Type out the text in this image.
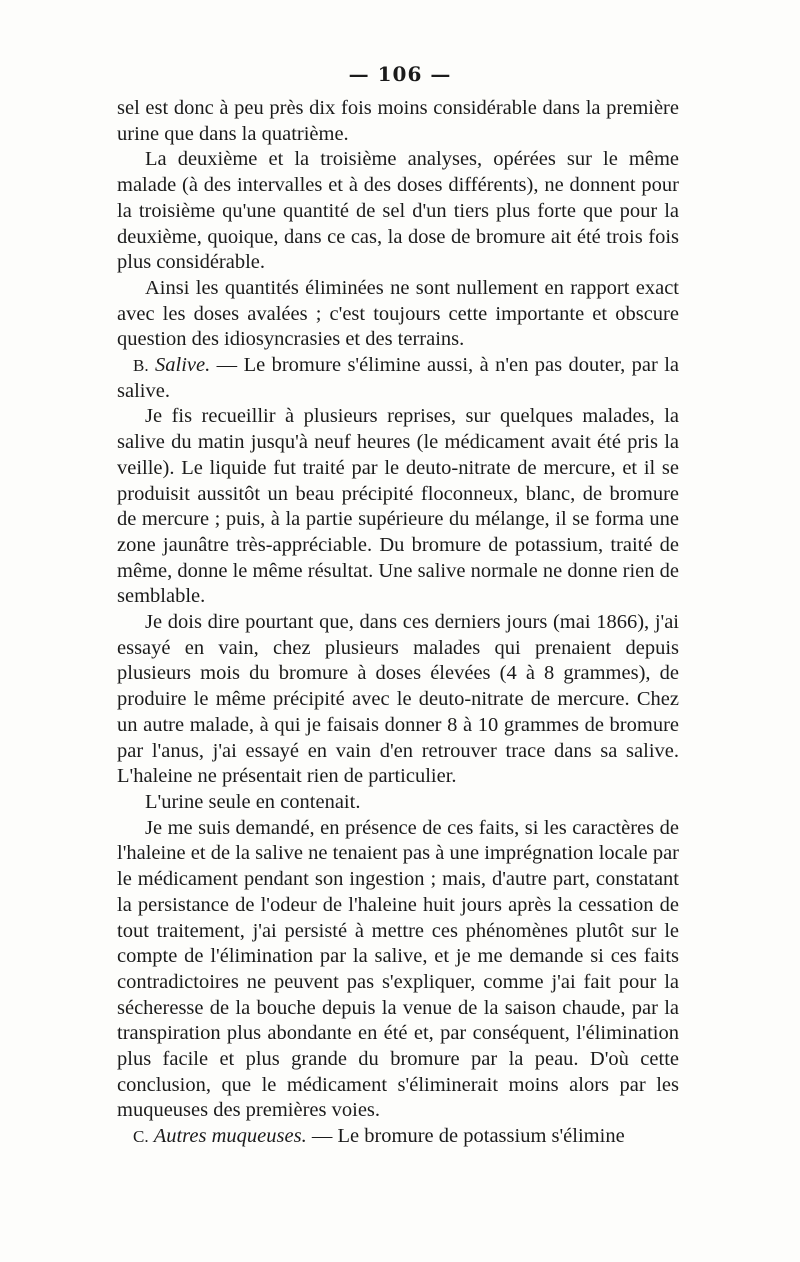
— 106 —

sel est donc à peu près dix fois moins considérable dans la première urine que dans la quatrième.

La deuxième et la troisième analyses, opérées sur le même malade (à des intervalles et à des doses différents), ne donnent pour la troisième qu'une quantité de sel d'un tiers plus forte que pour la deuxième, quoique, dans ce cas, la dose de bromure ait été trois fois plus considérable.

Ainsi les quantités éliminées ne sont nullement en rapport exact avec les doses avalées ; c'est toujours cette importante et obscure question des idiosyncrasies et des terrains.

B. Salive. — Le bromure s'élimine aussi, à n'en pas douter, par la salive.

Je fis recueillir à plusieurs reprises, sur quelques malades, la salive du matin jusqu'à neuf heures (le médicament avait été pris la veille). Le liquide fut traité par le deuto-nitrate de mercure, et il se produisit aussitôt un beau précipité floconneux, blanc, de bromure de mercure ; puis, à la partie supérieure du mélange, il se forma une zone jaunâtre très-appréciable. Du bromure de potassium, traité de même, donne le même résultat. Une salive normale ne donne rien de semblable.

Je dois dire pourtant que, dans ces derniers jours (mai 1866), j'ai essayé en vain, chez plusieurs malades qui prenaient depuis plusieurs mois du bromure à doses élevées (4 à 8 grammes), de produire le même précipité avec le deuto-nitrate de mercure. Chez un autre malade, à qui je faisais donner 8 à 10 grammes de bromure par l'anus, j'ai essayé en vain d'en retrouver trace dans sa salive. L'haleine ne présentait rien de particulier.

L'urine seule en contenait.

Je me suis demandé, en présence de ces faits, si les caractères de l'haleine et de la salive ne tenaient pas à une imprégnation locale par le médicament pendant son ingestion ; mais, d'autre part, constatant la persistance de l'odeur de l'haleine huit jours après la cessation de tout traitement, j'ai persisté à mettre ces phénomènes plutôt sur le compte de l'élimination par la salive, et je me demande si ces faits contradictoires ne peuvent pas s'expliquer, comme j'ai fait pour la sécheresse de la bouche depuis la venue de la saison chaude, par la transpiration plus abondante en été et, par conséquent, l'élimination plus facile et plus grande du bromure par la peau. D'où cette conclusion, que le médicament s'éliminerait moins alors par les muqueuses des premières voies.

C. Autres muqueuses. — Le bromure de potassium s'élimine
